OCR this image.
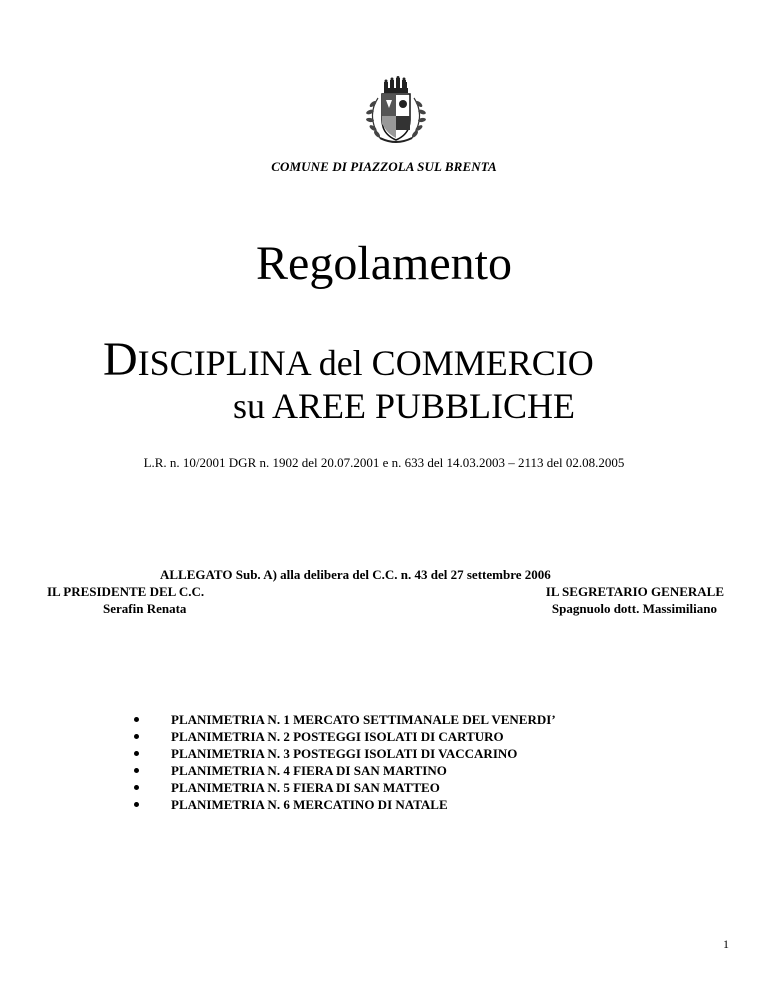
COMUNE DI PIAZZOLA SUL BRENTA
Regolamento
DISCIPLINA del COMMERCIO
su AREE PUBBLICHE
L.R. n. 10/2001 DGR n. 1902 del 20.07.2001 e n. 633 del 14.03.2003 – 2113 del 02.08.2005
ALLEGATO Sub. A) alla delibera del C.C. n. 43 del 27 settembre 2006
IL PRESIDENTE DEL C.C.
Serafin Renata
IL SEGRETARIO GENERALE
Spagnuolo dott. Massimiliano
PLANIMETRIA N. 1 MERCATO SETTIMANALE DEL VENERDI’
PLANIMETRIA N. 2 POSTEGGI ISOLATI DI CARTURO
PLANIMETRIA N. 3 POSTEGGI ISOLATI DI VACCARINO
PLANIMETRIA N. 4 FIERA DI SAN MARTINO
PLANIMETRIA N. 5 FIERA DI SAN MATTEO
PLANIMETRIA N. 6 MERCATINO DI NATALE
1
